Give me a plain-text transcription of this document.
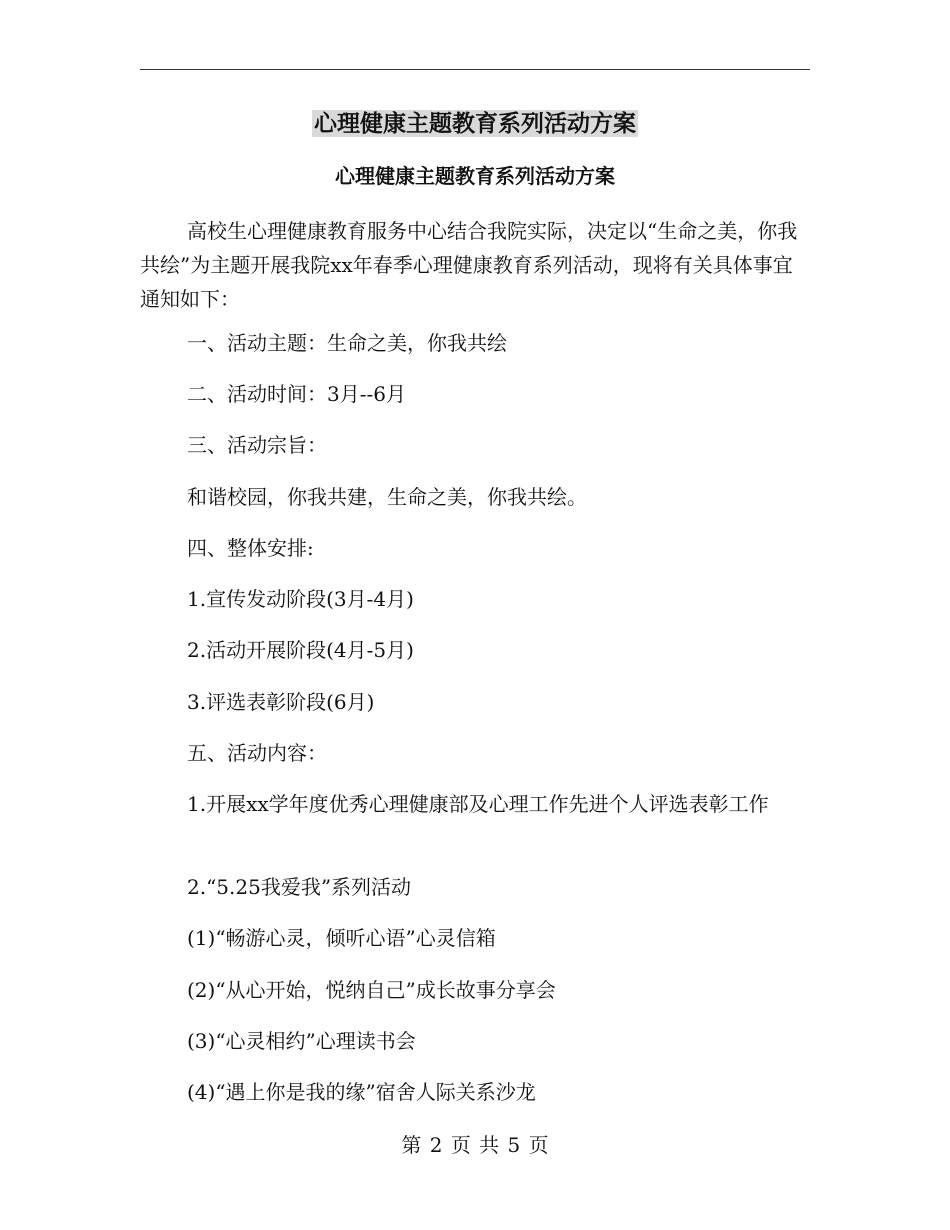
心理健康主题教育系列活动方案
心理健康主题教育系列活动方案

高校生心理健康教育服务中心结合我院实际，决定以“生命之美，你我共绘”为主题开展我院xx年春季心理健康教育系列活动，现将有关具体事宜通知如下：

一、活动主题：生命之美，你我共绘

二、活动时间：3月--6月

三、活动宗旨：

和谐校园，你我共建，生命之美，你我共绘。

四、整体安排:

1.宣传发动阶段(3月-4月)

2.活动开展阶段(4月-5月)

3.评选表彰阶段(6月)

五、活动内容：

1.开展xx学年度优秀心理健康部及心理工作先进个人评选表彰工作

2.“5.25我爱我”系列活动

(1)“畅游心灵，倾听心语”心灵信箱

(2)“从心开始，悦纳自己”成长故事分享会

(3)“心灵相约”心理读书会

(4)“遇上你是我的缘”宿舍人际关系沙龙

第 2 页 共 5 页
